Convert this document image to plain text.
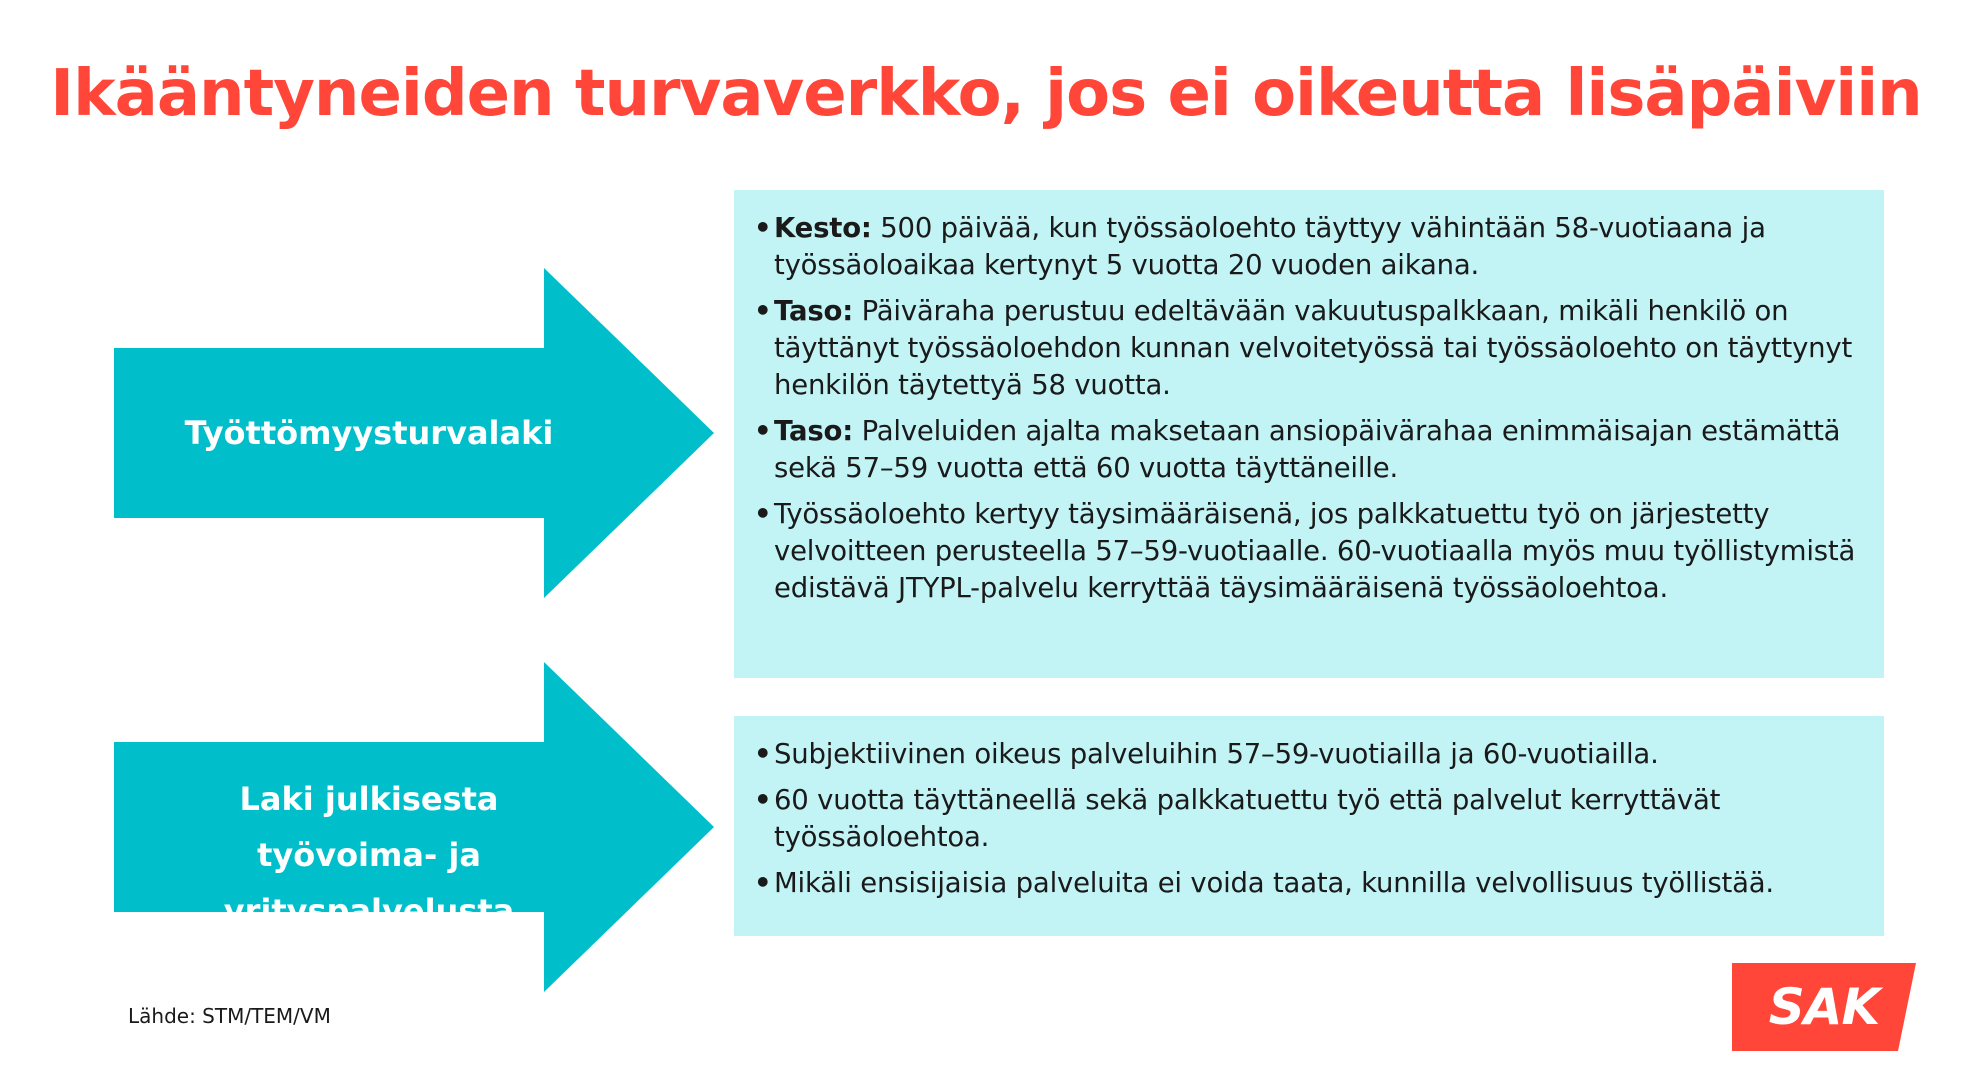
Ikääntyneiden turvaverkko, jos ei oikeutta lisäpäiviin
Työttömyysturvalaki
• Kesto: 500 päivää, kun työssäoloehto täyttyy vähintään 58-vuotiaana ja työssäoloaikaa kertynyt 5 vuotta 20 vuoden aikana.
• Taso: Päiväraha perustuu edeltävään vakuutuspalkkaan, mikäli henkilö on täyttänyt työssäoloehdon kunnan velvoitetyössä tai työssäoloehto on täyttynyt henkilön täytettyä 58 vuotta.
• Taso: Palveluiden ajalta maksetaan ansiopäivärahaa enimmäisajan estämättä sekä 57–59 vuotta että 60 vuotta täyttäneille.
• Työssäoloehto kertyy täysimääräisenä, jos palkkatuettu työ on järjestetty velvoitteen perusteella 57–59-vuotiaalle. 60-vuotiaalla myös muu työllistymistä edistävä JTYPL-palvelu kerryttää täysimääräisenä työssäoloehtoa.
Laki julkisesta
työvoima- ja yrityspalvelusta
• Subjektiivinen oikeus palveluihin 57–59-vuotiailla ja 60-vuotiailla.
• 60 vuotta täyttäneellä sekä palkkatuettu työ että palvelut kerryttävät työssäoloehtoa.
• Mikäli ensisijaisia palveluita ei voida taata, kunnilla velvollisuus työllistää.
Lähde: STM/TEM/VM	SAK
